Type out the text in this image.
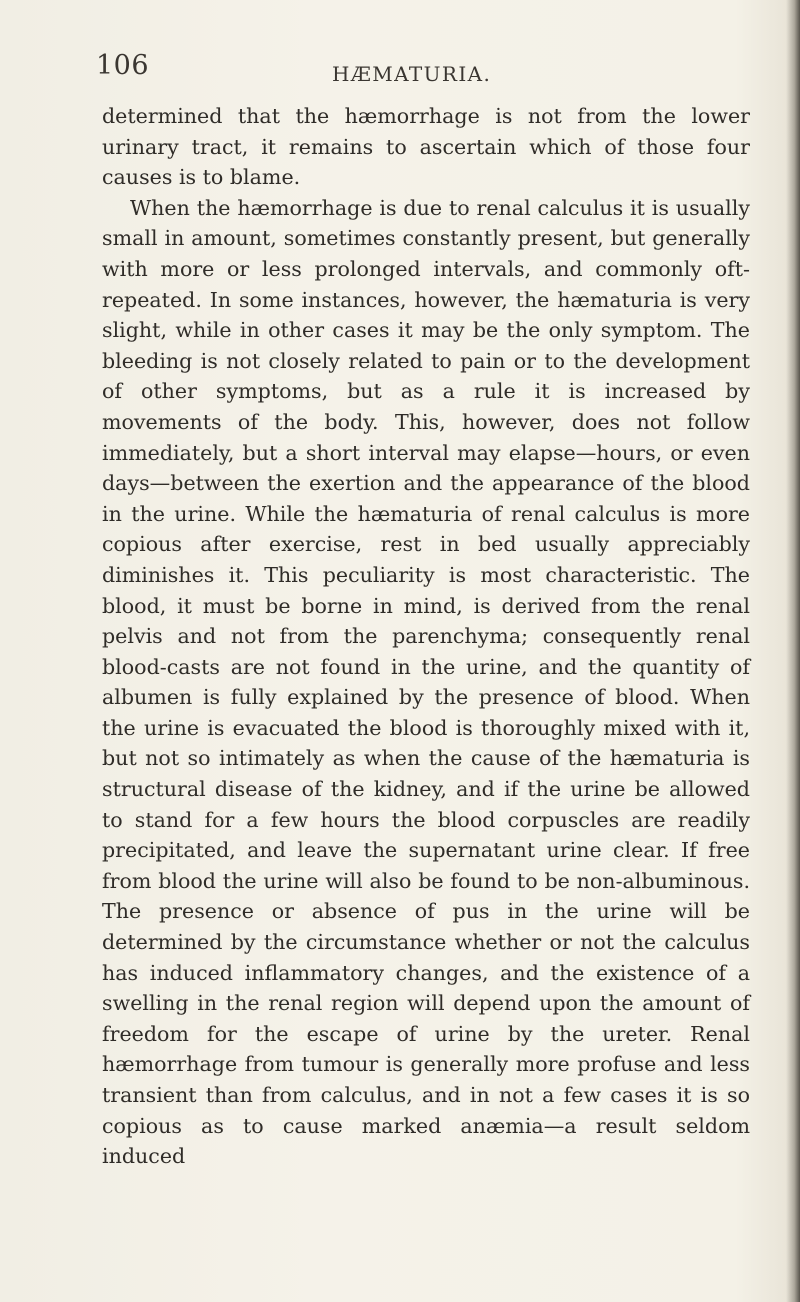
106	HÆMATURIA.

determined that the hæmorrhage is not from the lower urinary tract, it remains to ascertain which of those four causes is to blame.

When the hæmorrhage is due to renal calculus it is usually small in amount, sometimes constantly present, but generally with more or less prolonged intervals, and commonly oft-repeated. In some instances, however, the hæmaturia is very slight, while in other cases it may be the only symptom. The bleeding is not closely related to pain or to the development of other symptoms, but as a rule it is increased by movements of the body. This, however, does not follow immediately, but a short interval may elapse—hours, or even days—between the exertion and the appearance of the blood in the urine. While the hæmaturia of renal calculus is more copious after exercise, rest in bed usually appreciably diminishes it. This peculiarity is most characteristic. The blood, it must be borne in mind, is derived from the renal pelvis and not from the parenchyma; consequently renal blood-casts are not found in the urine, and the quantity of albumen is fully explained by the presence of blood. When the urine is evacuated the blood is thoroughly mixed with it, but not so intimately as when the cause of the hæmaturia is structural disease of the kidney, and if the urine be allowed to stand for a few hours the blood corpuscles are readily precipitated, and leave the supernatant urine clear. If free from blood the urine will also be found to be non-albuminous. The presence or absence of pus in the urine will be determined by the circumstance whether or not the calculus has induced inflammatory changes, and the existence of a swelling in the renal region will depend upon the amount of freedom for the escape of urine by the ureter. Renal hæmorrhage from tumour is generally more profuse and less transient than from calculus, and in not a few cases it is so copious as to cause marked anæmia—a result seldom induced
